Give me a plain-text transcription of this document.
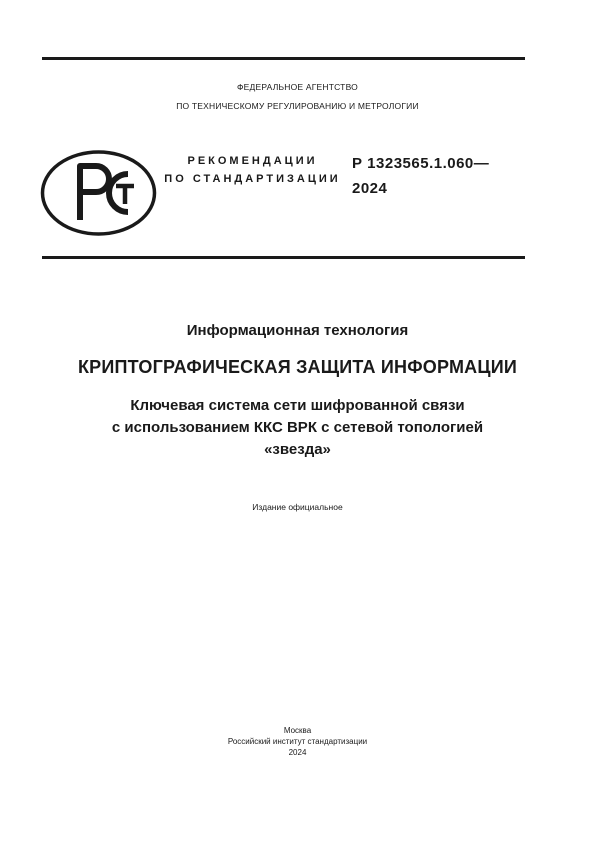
ФЕДЕРАЛЬНОЕ АГЕНТСТВО
ПО ТЕХНИЧЕСКОМУ РЕГУЛИРОВАНИЮ И МЕТРОЛОГИИ
РЕКОМЕНДАЦИИ
ПО СТАНДАРТИЗАЦИИ
Р 1323565.1.060—
2024
Информационная технология
КРИПТОГРАФИЧЕСКАЯ ЗАЩИТА ИНФОРМАЦИИ
Ключевая система сети шифрованной связи
с использованием ККС ВРК с сетевой топологией
«звезда»
Издание официальное
Москва
Российский институт стандартизации
2024
